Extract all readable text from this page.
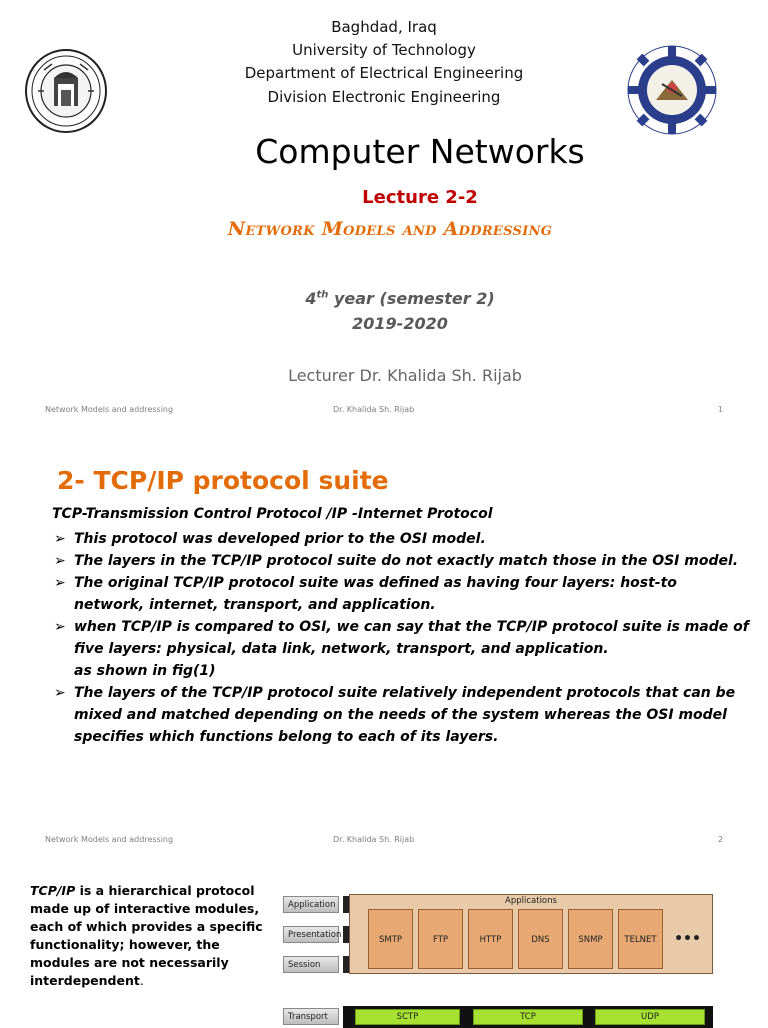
Baghdad, Iraq
University of Technology
Department of Electrical Engineering
Division Electronic Engineering
Computer Networks
Lecture 2-2
Network Models and Addressing
4th year (semester 2)
2019-2020
Lecturer Dr. Khalida Sh. Rijab
Network Models and addressing	Dr. Khalida Sh. Rijab	1
2- TCP/IP protocol suite
TCP-Transmission Control Protocol /IP -Internet Protocol
➢ This protocol was developed prior to the OSI model.
➢ The layers in the TCP/IP protocol suite do not exactly match those in the OSI model.
➢ The original TCP/IP protocol suite was defined as having four layers: host-to network, internet, transport, and application.
➢ when TCP/IP is compared to OSI, we can say that the TCP/IP protocol suite is made of five layers: physical, data link, network, transport, and application.
as shown in fig(1)
➢ The layers of the TCP/IP protocol suite relatively independent protocols that can be mixed and matched depending on the needs of the system whereas the OSI model specifies which functions belong to each of its layers.
Network Models and addressing	Dr. Khalida Sh. Rijab	2
TCP/IP is a hierarchical protocol made up of interactive modules, each of which provides a specific functionality; however, the modules are not necessarily interdependent.
Application
Presentation
Session
Applications
SMTP	FTP	HTTP	DNS	SNMP	TELNET	•••
Transport	SCTP	TCP	UDP
